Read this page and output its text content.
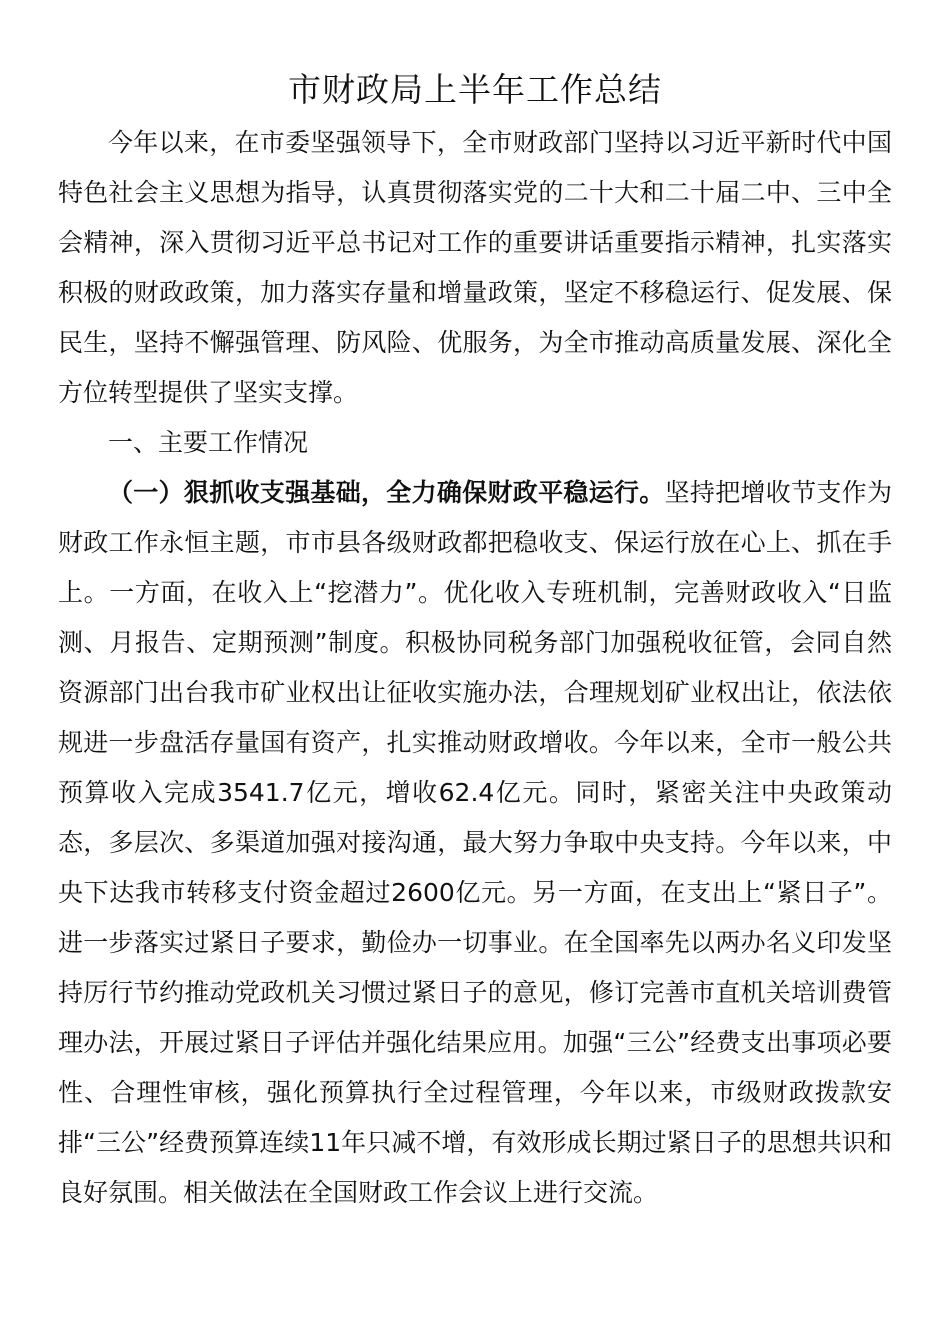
市财政局上半年工作总结

今年以来，在市委坚强领导下，全市财政部门坚持以习近平新时代中国特色社会主义思想为指导，认真贯彻落实党的二十大和二十届二中、三中全会精神，深入贯彻习近平总书记对工作的重要讲话重要指示精神，扎实落实积极的财政政策，加力落实存量和增量政策，坚定不移稳运行、促发展、保民生，坚持不懈强管理、防风险、优服务，为全市推动高质量发展、深化全方位转型提供了坚实支撑。

一、主要工作情况

（一）狠抓收支强基础，全力确保财政平稳运行。坚持把增收节支作为财政工作永恒主题，市市县各级财政都把稳收支、保运行放在心上、抓在手上。一方面，在收入上“挖潜力”。优化收入专班机制，完善财政收入“日监测、月报告、定期预测”制度。积极协同税务部门加强税收征管，会同自然资源部门出台我市矿业权出让征收实施办法，合理规划矿业权出让，依法依规进一步盘活存量国有资产，扎实推动财政增收。今年以来，全市一般公共预算收入完成3541.7亿元，增收62.4亿元。同时，紧密关注中央政策动态，多层次、多渠道加强对接沟通，最大努力争取中央支持。今年以来，中央下达我市转移支付资金超过2600亿元。另一方面，在支出上“紧日子”。进一步落实过紧日子要求，勤俭办一切事业。在全国率先以两办名义印发坚持厉行节约推动党政机关习惯过紧日子的意见，修订完善市直机关培训费管理办法，开展过紧日子评估并强化结果应用。加强“三公”经费支出事项必要性、合理性审核，强化预算执行全过程管理，今年以来，市级财政拨款安排“三公”经费预算连续11年只减不增，有效形成长期过紧日子的思想共识和良好氛围。相关做法在全国财政工作会议上进行交流。
